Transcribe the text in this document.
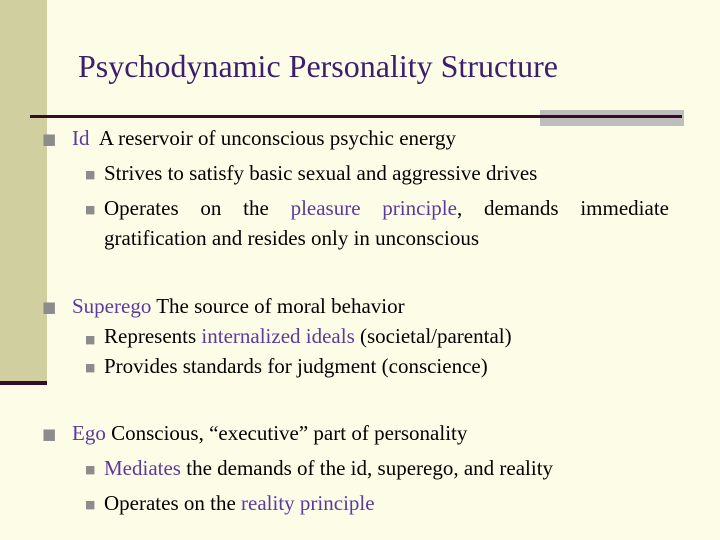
Psychodynamic Personality Structure
■ Id A reservoir of unconscious psychic energy
■ Strives to satisfy basic sexual and aggressive drives
■ Operates on the pleasure principle, demands immediate
gratification and resides only in unconscious
■ Superego The source of moral behavior
■ Represents internalized ideals (societal/parental)
■ Provides standards for judgment (conscience)
■ Ego Conscious, “executive” part of personality
■ Mediates the demands of the id, superego, and reality
■ Operates on the reality principle
